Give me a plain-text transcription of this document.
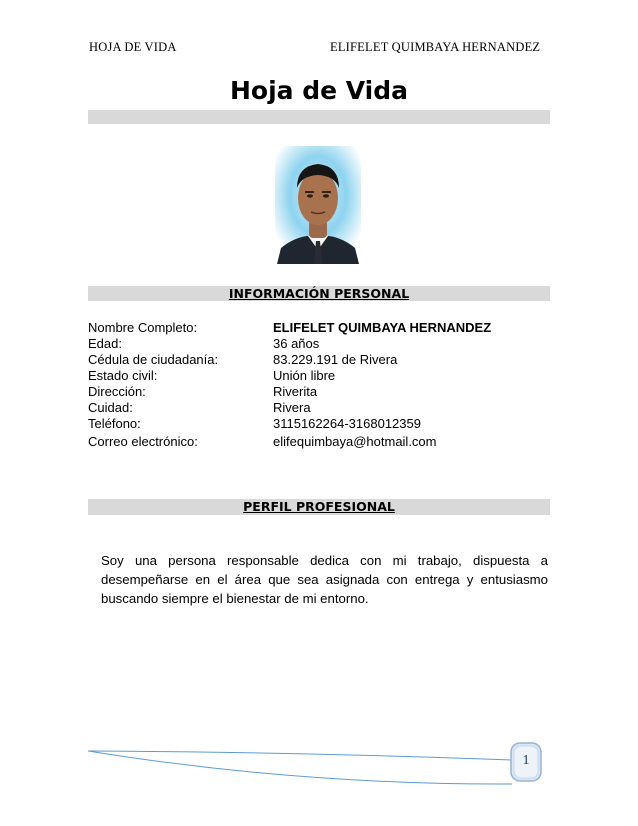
HOJA DE VIDA	ELIFELET QUIMBAYA HERNANDEZ
Hoja de Vida
INFORMACIÓN PERSONAL
Nombre Completo:	ELIFELET QUIMBAYA HERNANDEZ
Edad:	36 años
Cédula de ciudadanía:	83.229.191 de Rivera
Estado civil:	Unión libre
Dirección:	Riverita
Cuidad:	Rivera
Teléfono:	3115162264-3168012359
Correo electrónico:	elifequimbaya@hotmail.com
PERFIL PROFESIONAL
Soy una persona responsable dedica con mi trabajo, dispuesta a desempeñarse en el área que sea asignada con entrega y entusiasmo buscando siempre el bienestar de mi entorno.
1
